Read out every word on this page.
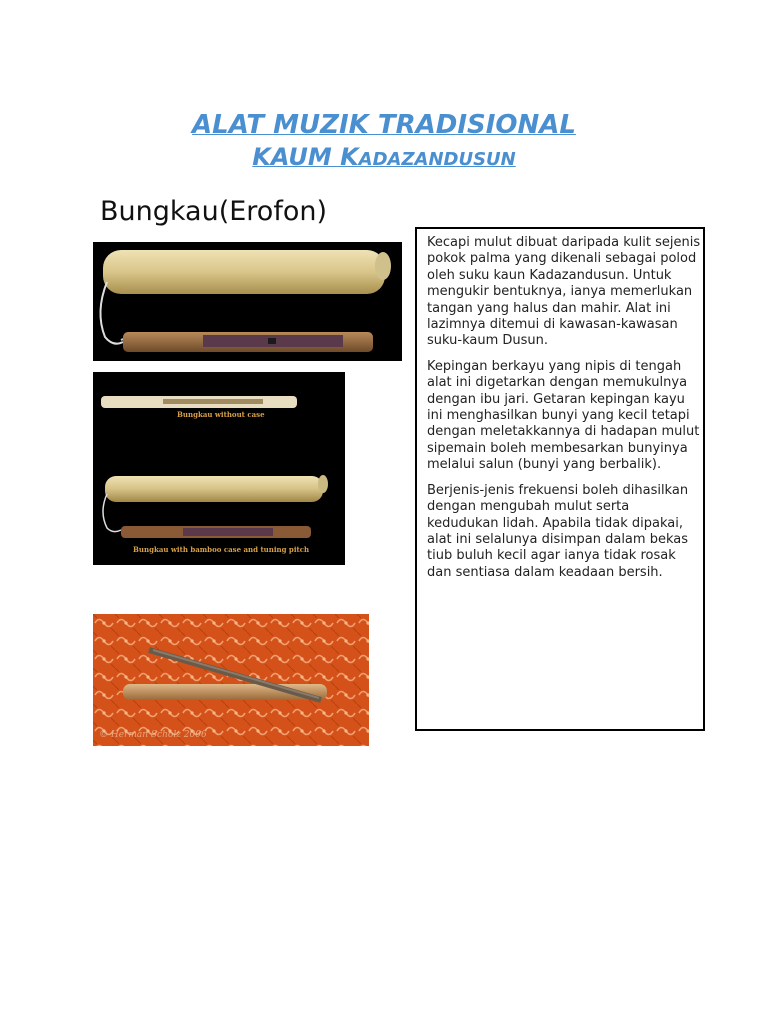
ALAT MUZIK TRADISIONAL
KAUM KADAZANDUSUN
Bungkau(Erofon)
Bungkau without case
Bungkau with bamboo case and tuning pitch
© Herman Scholz 2006

Kecapi mulut dibuat daripada kulit sejenis pokok palma yang dikenali sebagai polod oleh suku kaun Kadazandusun. Untuk mengukir bentuknya, ianya memerlukan tangan yang halus dan mahir. Alat ini lazimnya ditemui di kawasan-kawasan suku-kaum Dusun.

Kepingan berkayu yang nipis di tengah alat ini digetarkan dengan memukulnya dengan ibu jari. Getaran kepingan kayu ini menghasilkan bunyi yang kecil tetapi dengan meletakkannya di hadapan mulut sipemain boleh membesarkan bunyinya melalui salun (bunyi yang berbalik).

Berjenis-jenis frekuensi boleh dihasilkan dengan mengubah mulut serta kedudukan lidah. Apabila tidak dipakai, alat ini selalunya disimpan dalam bekas tiub buluh kecil agar ianya tidak rosak dan sentiasa dalam keadaan bersih.
